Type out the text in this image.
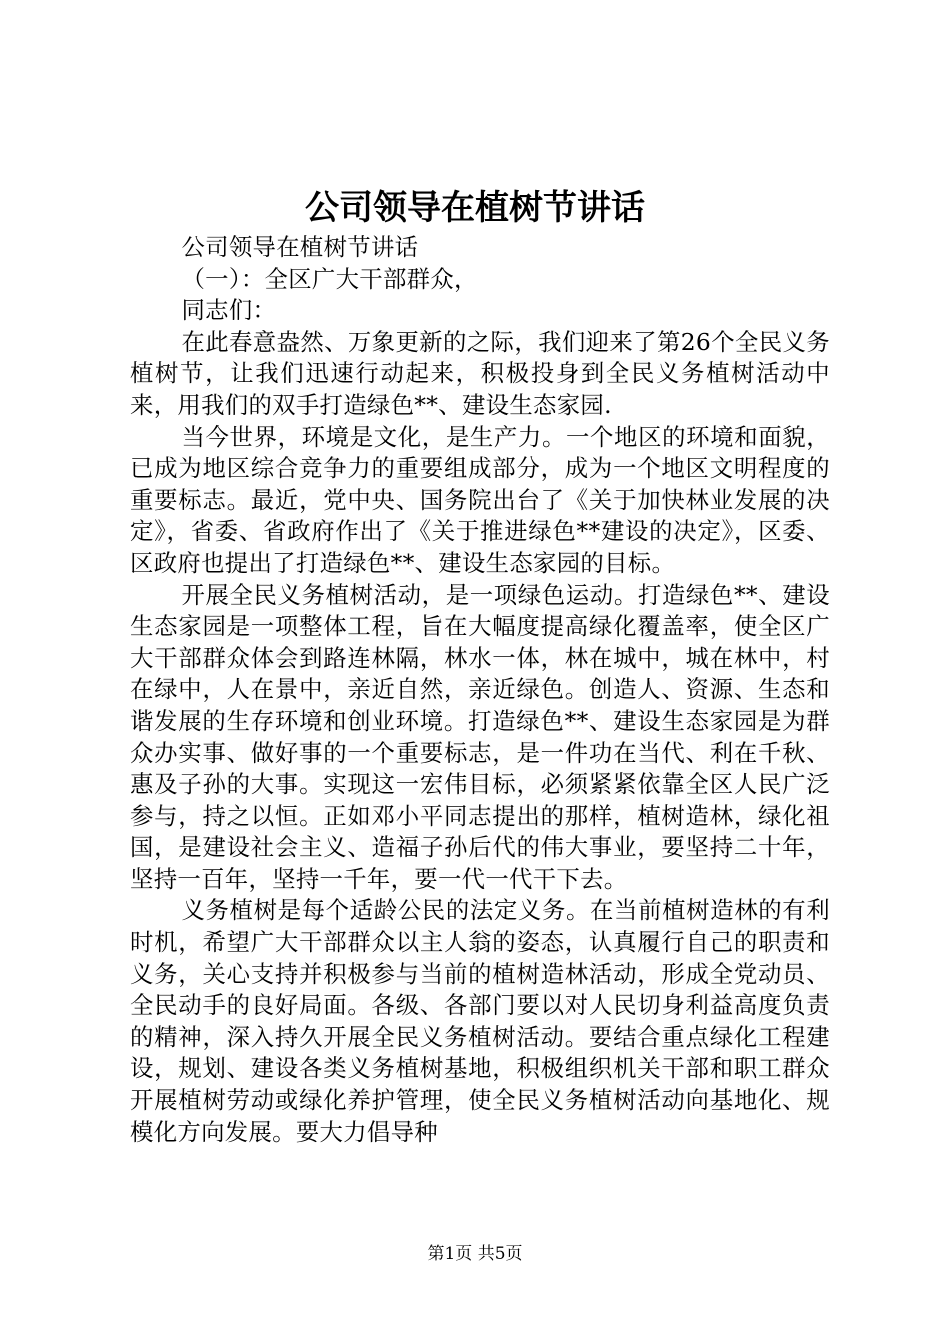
公司领导在植树节讲话

公司领导在植树节讲话

（一）：全区广大干部群众，

同志们：

在此春意盎然、万象更新的之际，我们迎来了第26个全民义务植树节，让我们迅速行动起来，积极投身到全民义务植树活动中来，用我们的双手打造绿色**、建设生态家园.

当今世界，环境是文化，是生产力。一个地区的环境和面貌，已成为地区综合竞争力的重要组成部分，成为一个地区文明程度的重要标志。最近，党中央、国务院出台了《关于加快林业发展的决定》，省委、省政府作出了《关于推进绿色**建设的决定》，区委、区政府也提出了打造绿色**、建设生态家园的目标。

开展全民义务植树活动，是一项绿色运动。打造绿色**、建设生态家园是一项整体工程，旨在大幅度提高绿化覆盖率，使全区广大干部群众体会到路连林隔，林水一体，林在城中，城在林中，村在绿中，人在景中，亲近自然，亲近绿色。创造人、资源、生态和谐发展的生存环境和创业环境。打造绿色**、建设生态家园是为群众办实事、做好事的一个重要标志，是一件功在当代、利在千秋、惠及子孙的大事。实现这一宏伟目标，必须紧紧依靠全区人民广泛参与，持之以恒。正如邓小平同志提出的那样，植树造林，绿化祖国，是建设社会主义、造福子孙后代的伟大事业，要坚持二十年，坚持一百年，坚持一千年，要一代一代干下去。

义务植树是每个适龄公民的法定义务。在当前植树造林的有利时机，希望广大干部群众以主人翁的姿态，认真履行自己的职责和义务，关心支持并积极参与当前的植树造林活动，形成全党动员、全民动手的良好局面。各级、各部门要以对人民切身利益高度负责的精神，深入持久开展全民义务植树活动。要结合重点绿化工程建设，规划、建设各类义务植树基地，积极组织机关干部和职工群众开展植树劳动或绿化养护管理，使全民义务植树活动向基地化、规模化方向发展。要大力倡导种

第1页 共5页
